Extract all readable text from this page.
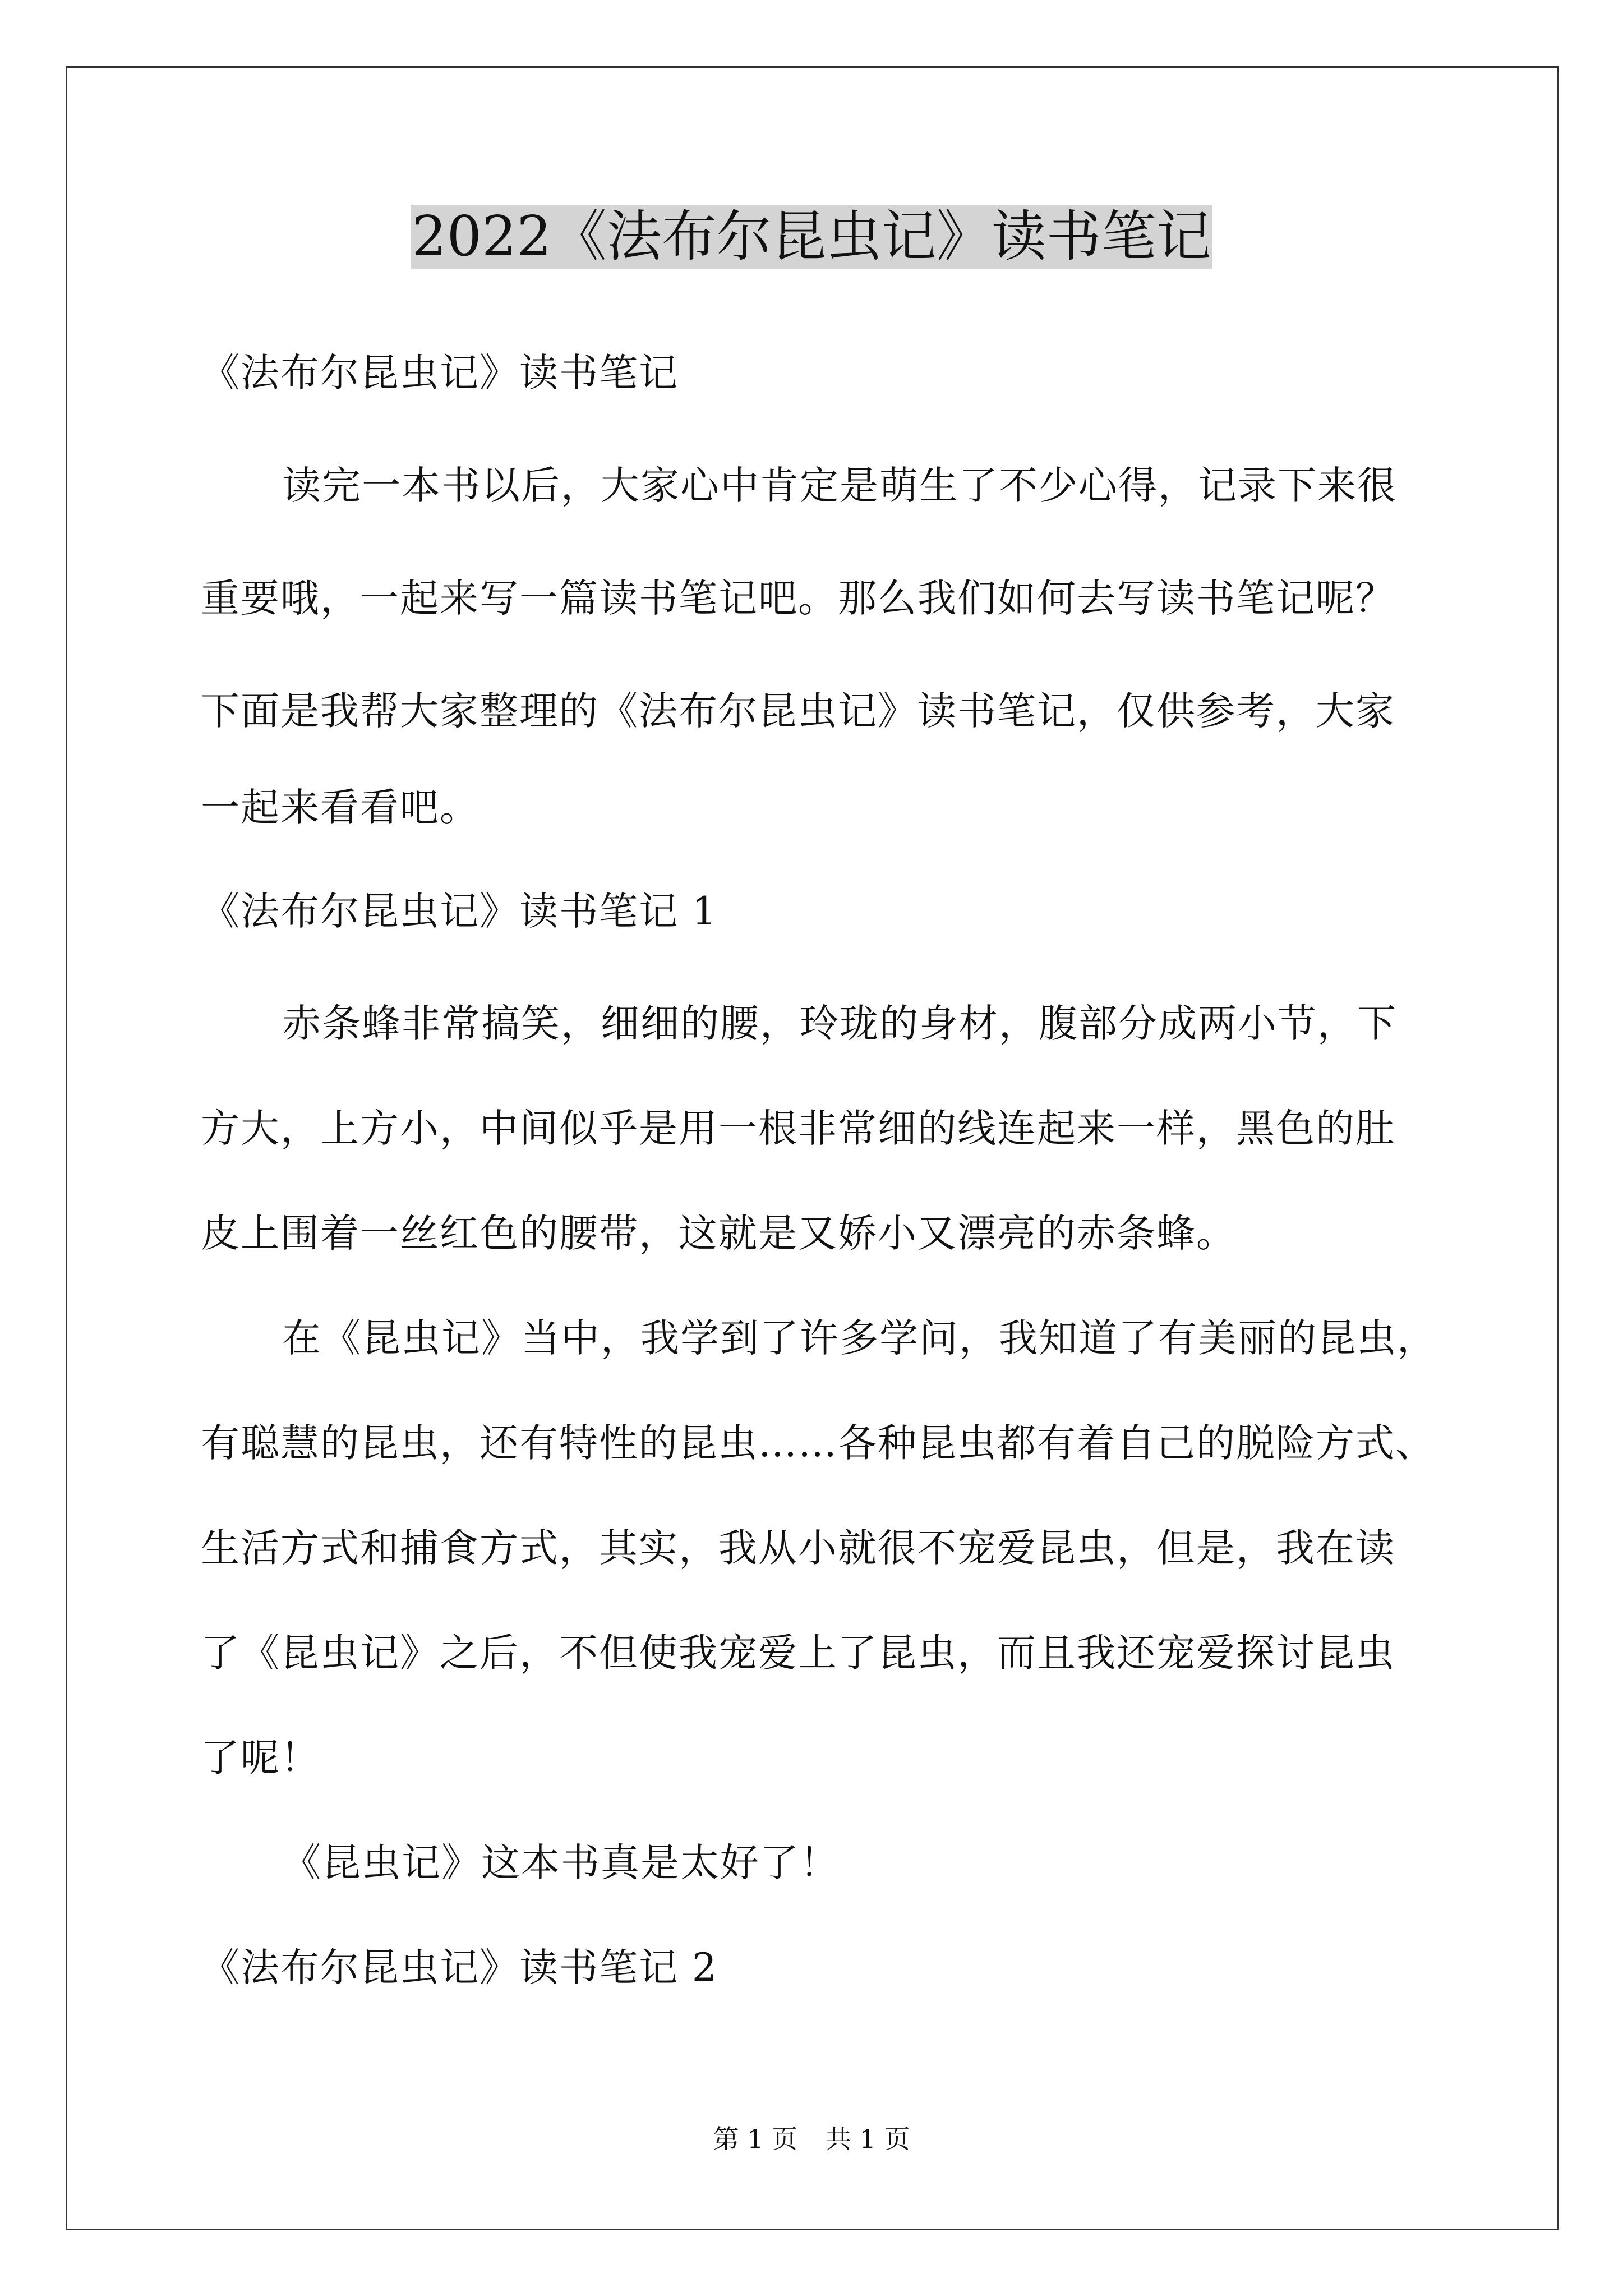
2022《法布尔昆虫记》读书笔记

《法布尔昆虫记》读书笔记

读完一本书以后，大家心中肯定是萌生了不少心得，记录下来很

重要哦，一起来写一篇读书笔记吧。那么我们如何去写读书笔记呢？

下面是我帮大家整理的《法布尔昆虫记》读书笔记，仅供参考，大家

一起来看看吧。

《法布尔昆虫记》读书笔记 1

赤条蜂非常搞笑，细细的腰，玲珑的身材，腹部分成两小节，下

方大，上方小，中间似乎是用一根非常细的线连起来一样，黑色的肚

皮上围着一丝红色的腰带，这就是又娇小又漂亮的赤条蜂。

在《昆虫记》当中，我学到了许多学问，我知道了有美丽的昆虫，

有聪慧的昆虫，还有特性的昆虫……各种昆虫都有着自己的脱险方式、

生活方式和捕食方式，其实，我从小就很不宠爱昆虫，但是，我在读

了《昆虫记》之后，不但使我宠爱上了昆虫，而且我还宠爱探讨昆虫

了呢！

《昆虫记》这本书真是太好了！

《法布尔昆虫记》读书笔记 2

第 1 页 共 1 页
